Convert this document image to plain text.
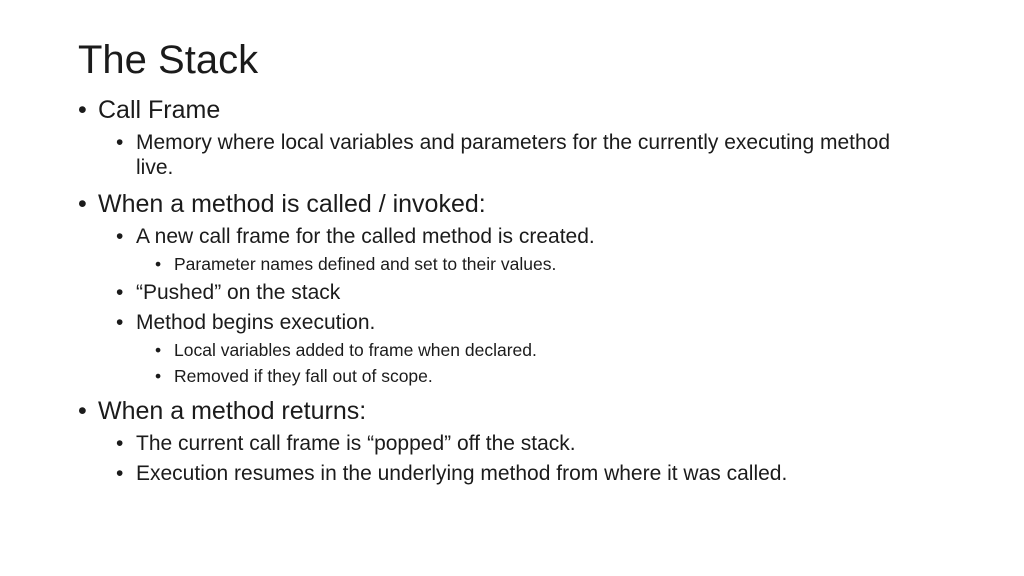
The Stack
• Call Frame
• Memory where local variables and parameters for the currently executing method live.
• When a method is called / invoked:
• A new call frame for the called method is created.
• Parameter names defined and set to their values.
• “Pushed” on the stack
• Method begins execution.
• Local variables added to frame when declared.
• Removed if they fall out of scope.
• When a method returns:
• The current call frame is “popped” off the stack.
• Execution resumes in the underlying method from where it was called.
